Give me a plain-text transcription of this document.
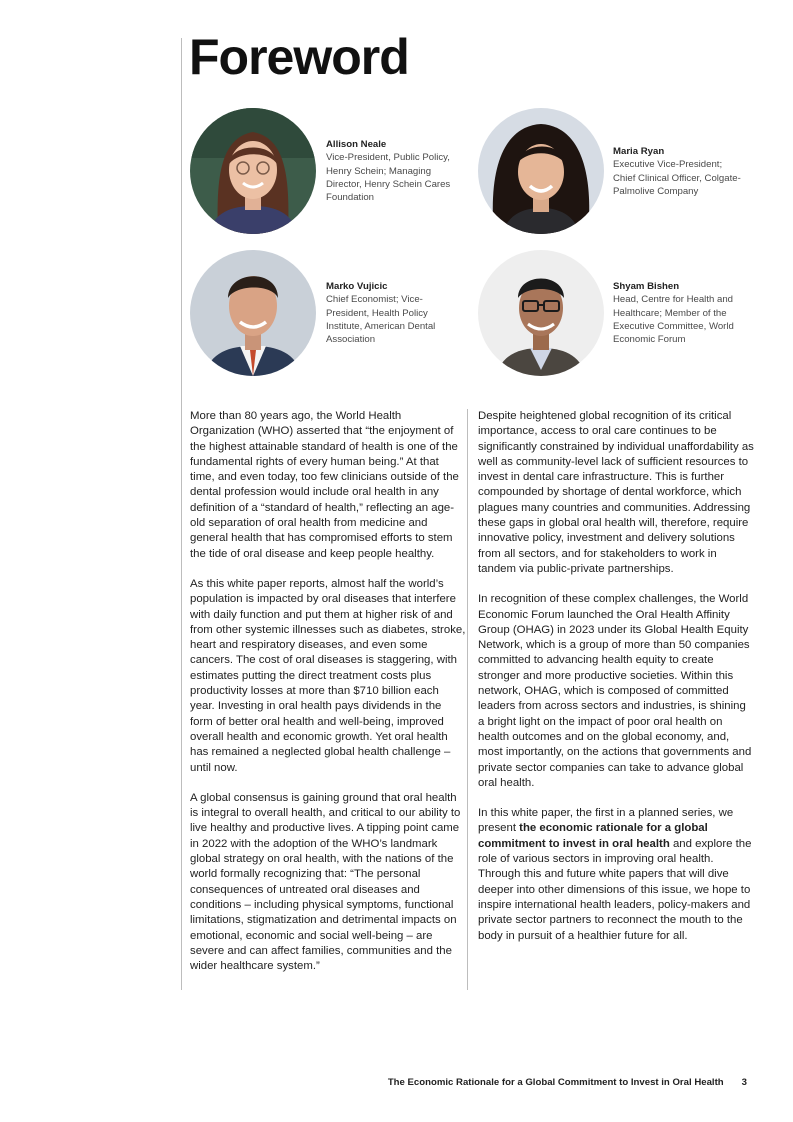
Foreword
Allison Neale
Vice-President, Public Policy, Henry Schein; Managing Director, Henry Schein Cares Foundation
Maria Ryan
Executive Vice-President; Chief Clinical Officer, Colgate-Palmolive Company
Marko Vujicic
Chief Economist; Vice-President, Health Policy Institute, American Dental Association
Shyam Bishen
Head, Centre for Health and Healthcare; Member of the Executive Committee, World Economic Forum

More than 80 years ago, the World Health Organization (WHO) asserted that “the enjoyment of the highest attainable standard of health is one of the fundamental rights of every human being.” At that time, and even today, too few clinicians outside of the dental profession would include oral health in any definition of a “standard of health,” reflecting an age-old separation of oral health from medicine and general health that has compromised efforts to stem the tide of oral disease and keep people healthy.

As this white paper reports, almost half the world’s population is impacted by oral diseases that interfere with daily function and put them at higher risk of and from other systemic illnesses such as diabetes, stroke, heart and respiratory diseases, and even some cancers. The cost of oral diseases is staggering, with estimates putting the direct treatment costs plus productivity losses at more than $710 billion each year. Investing in oral health pays dividends in the form of better oral health and well-being, improved overall health and economic growth. Yet oral health has remained a neglected global health challenge – until now.

A global consensus is gaining ground that oral health is integral to overall health, and critical to our ability to live healthy and productive lives. A tipping point came in 2022 with the adoption of the WHO’s landmark global strategy on oral health, with the nations of the world formally recognizing that: “The personal consequences of untreated oral diseases and conditions – including physical symptoms, functional limitations, stigmatization and detrimental impacts on emotional, economic and social well-being – are severe and can affect families, communities and the wider healthcare system.”

Despite heightened global recognition of its critical importance, access to oral care continues to be significantly constrained by individual unaffordability as well as community-level lack of sufficient resources to invest in dental care infrastructure. This is further compounded by shortage of dental workforce, which plagues many countries and communities. Addressing these gaps in global oral health will, therefore, require innovative policy, investment and delivery solutions from all sectors, and for stakeholders to work in tandem via public-private partnerships.

In recognition of these complex challenges, the World Economic Forum launched the Oral Health Affinity Group (OHAG) in 2023 under its Global Health Equity Network, which is a group of more than 50 companies committed to advancing health equity to create stronger and more productive societies. Within this network, OHAG, which is composed of committed leaders from across sectors and industries, is shining a bright light on the impact of poor oral health on health outcomes and on the global economy, and, most importantly, on the actions that governments and private sector companies can take to advance global oral health.

In this white paper, the first in a planned series, we present the economic rationale for a global commitment to invest in oral health and explore the role of various sectors in improving oral health. Through this and future white papers that will dive deeper into other dimensions of this issue, we hope to inspire international health leaders, policy-makers and private sector partners to reconnect the mouth to the body in pursuit of a healthier future for all.

The Economic Rationale for a Global Commitment to Invest in Oral Health 3
